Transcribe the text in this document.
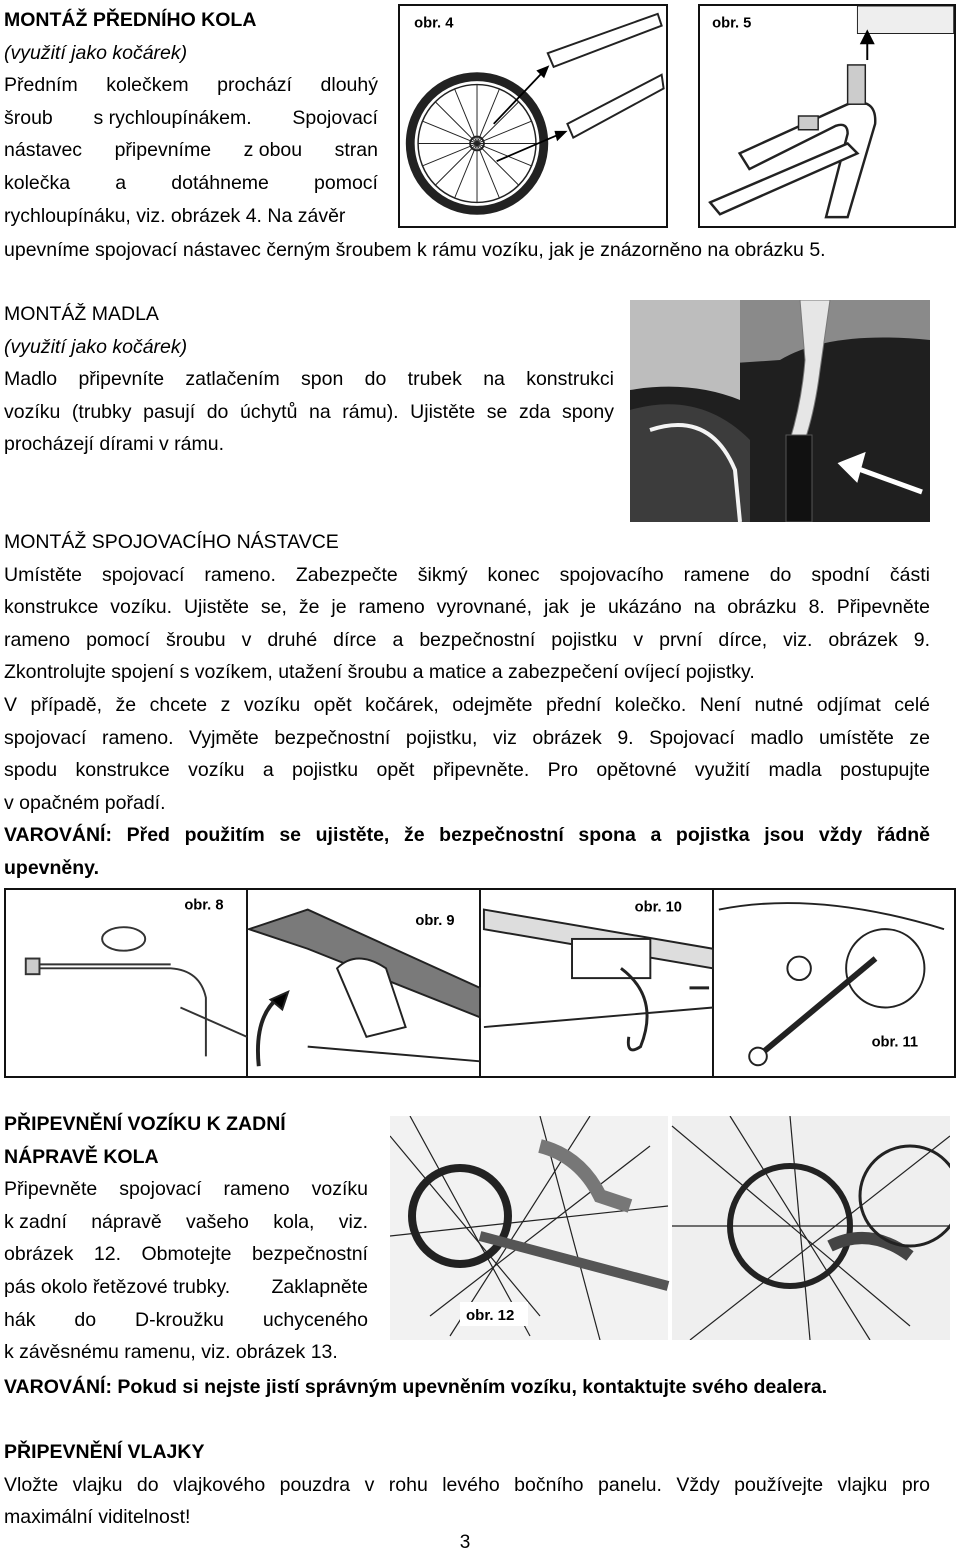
MONTÁŽ PŘEDNÍHO KOLA
(využití jako kočárek)
Předním kolečkem prochází dlouhý
šroub s rychloupínákem. Spojovací
nástavec připevníme z obou stran
kolečka a dotáhneme pomocí
rychloupínáku, viz. obrázek 4. Na závěr
upevníme spojovací nástavec černým šroubem k rámu vozíku, jak je znázorněno na obrázku 5.
obr. 4	obr. 5
MONTÁŽ MADLA
(využití jako kočárek)
Madlo připevníte zatlačením spon do trubek na konstrukci
vozíku (trubky pasují do úchytů na rámu). Ujistěte se zda spony
procházejí dírami v rámu.
MONTÁŽ SPOJOVACÍHO NÁSTAVCE
Umístěte spojovací rameno. Zabezpečte šikmý konec spojovacího ramene do spodní části
konstrukce vozíku. Ujistěte se, že je rameno vyrovnané, jak je ukázáno na obrázku 8. Připevněte
rameno pomocí šroubu v druhé dírce a bezpečnostní pojistku v první dírce, viz. obrázek 9.
Zkontrolujte spojení s vozíkem, utažení šroubu a matice a zabezpečení ovíjecí pojistky.
V případě, že chcete z vozíku opět kočárek, odejměte přední kolečko. Není nutné odjímat celé
spojovací rameno. Vyjměte bezpečnostní pojistku, viz obrázek 9. Spojovací madlo umístěte ze
spodu konstrukce vozíku a pojistku opět připevněte. Pro opětovné využití madla postupujte
v opačném pořadí.
VAROVÁNÍ: Před použitím se ujistěte, že bezpečnostní spona a pojistka jsou vždy řádně
upevněny.
obr. 8
obr. 9
obr. 10
obr. 11
PŘIPEVNĚNÍ VOZÍKU K ZADNÍ
NÁPRAVĚ KOLA
Připevněte spojovací rameno vozíku
k zadní nápravě vašeho kola, viz.
obrázek 12. Obmotejte bezpečnostní
pás okolo řetězové trubky. Zaklapněte
hák do D-kroužku uchyceného
k závěsnému ramenu, viz. obrázek 13.
obr. 12
VAROVÁNÍ: Pokud si nejste jistí správným upevněním vozíku, kontaktujte svého dealera.
PŘIPEVNĚNÍ VLAJKY
Vložte vlajku do vlajkového pouzdra v rohu levého bočního panelu. Vždy používejte vlajku pro
maximální viditelnost!
3
